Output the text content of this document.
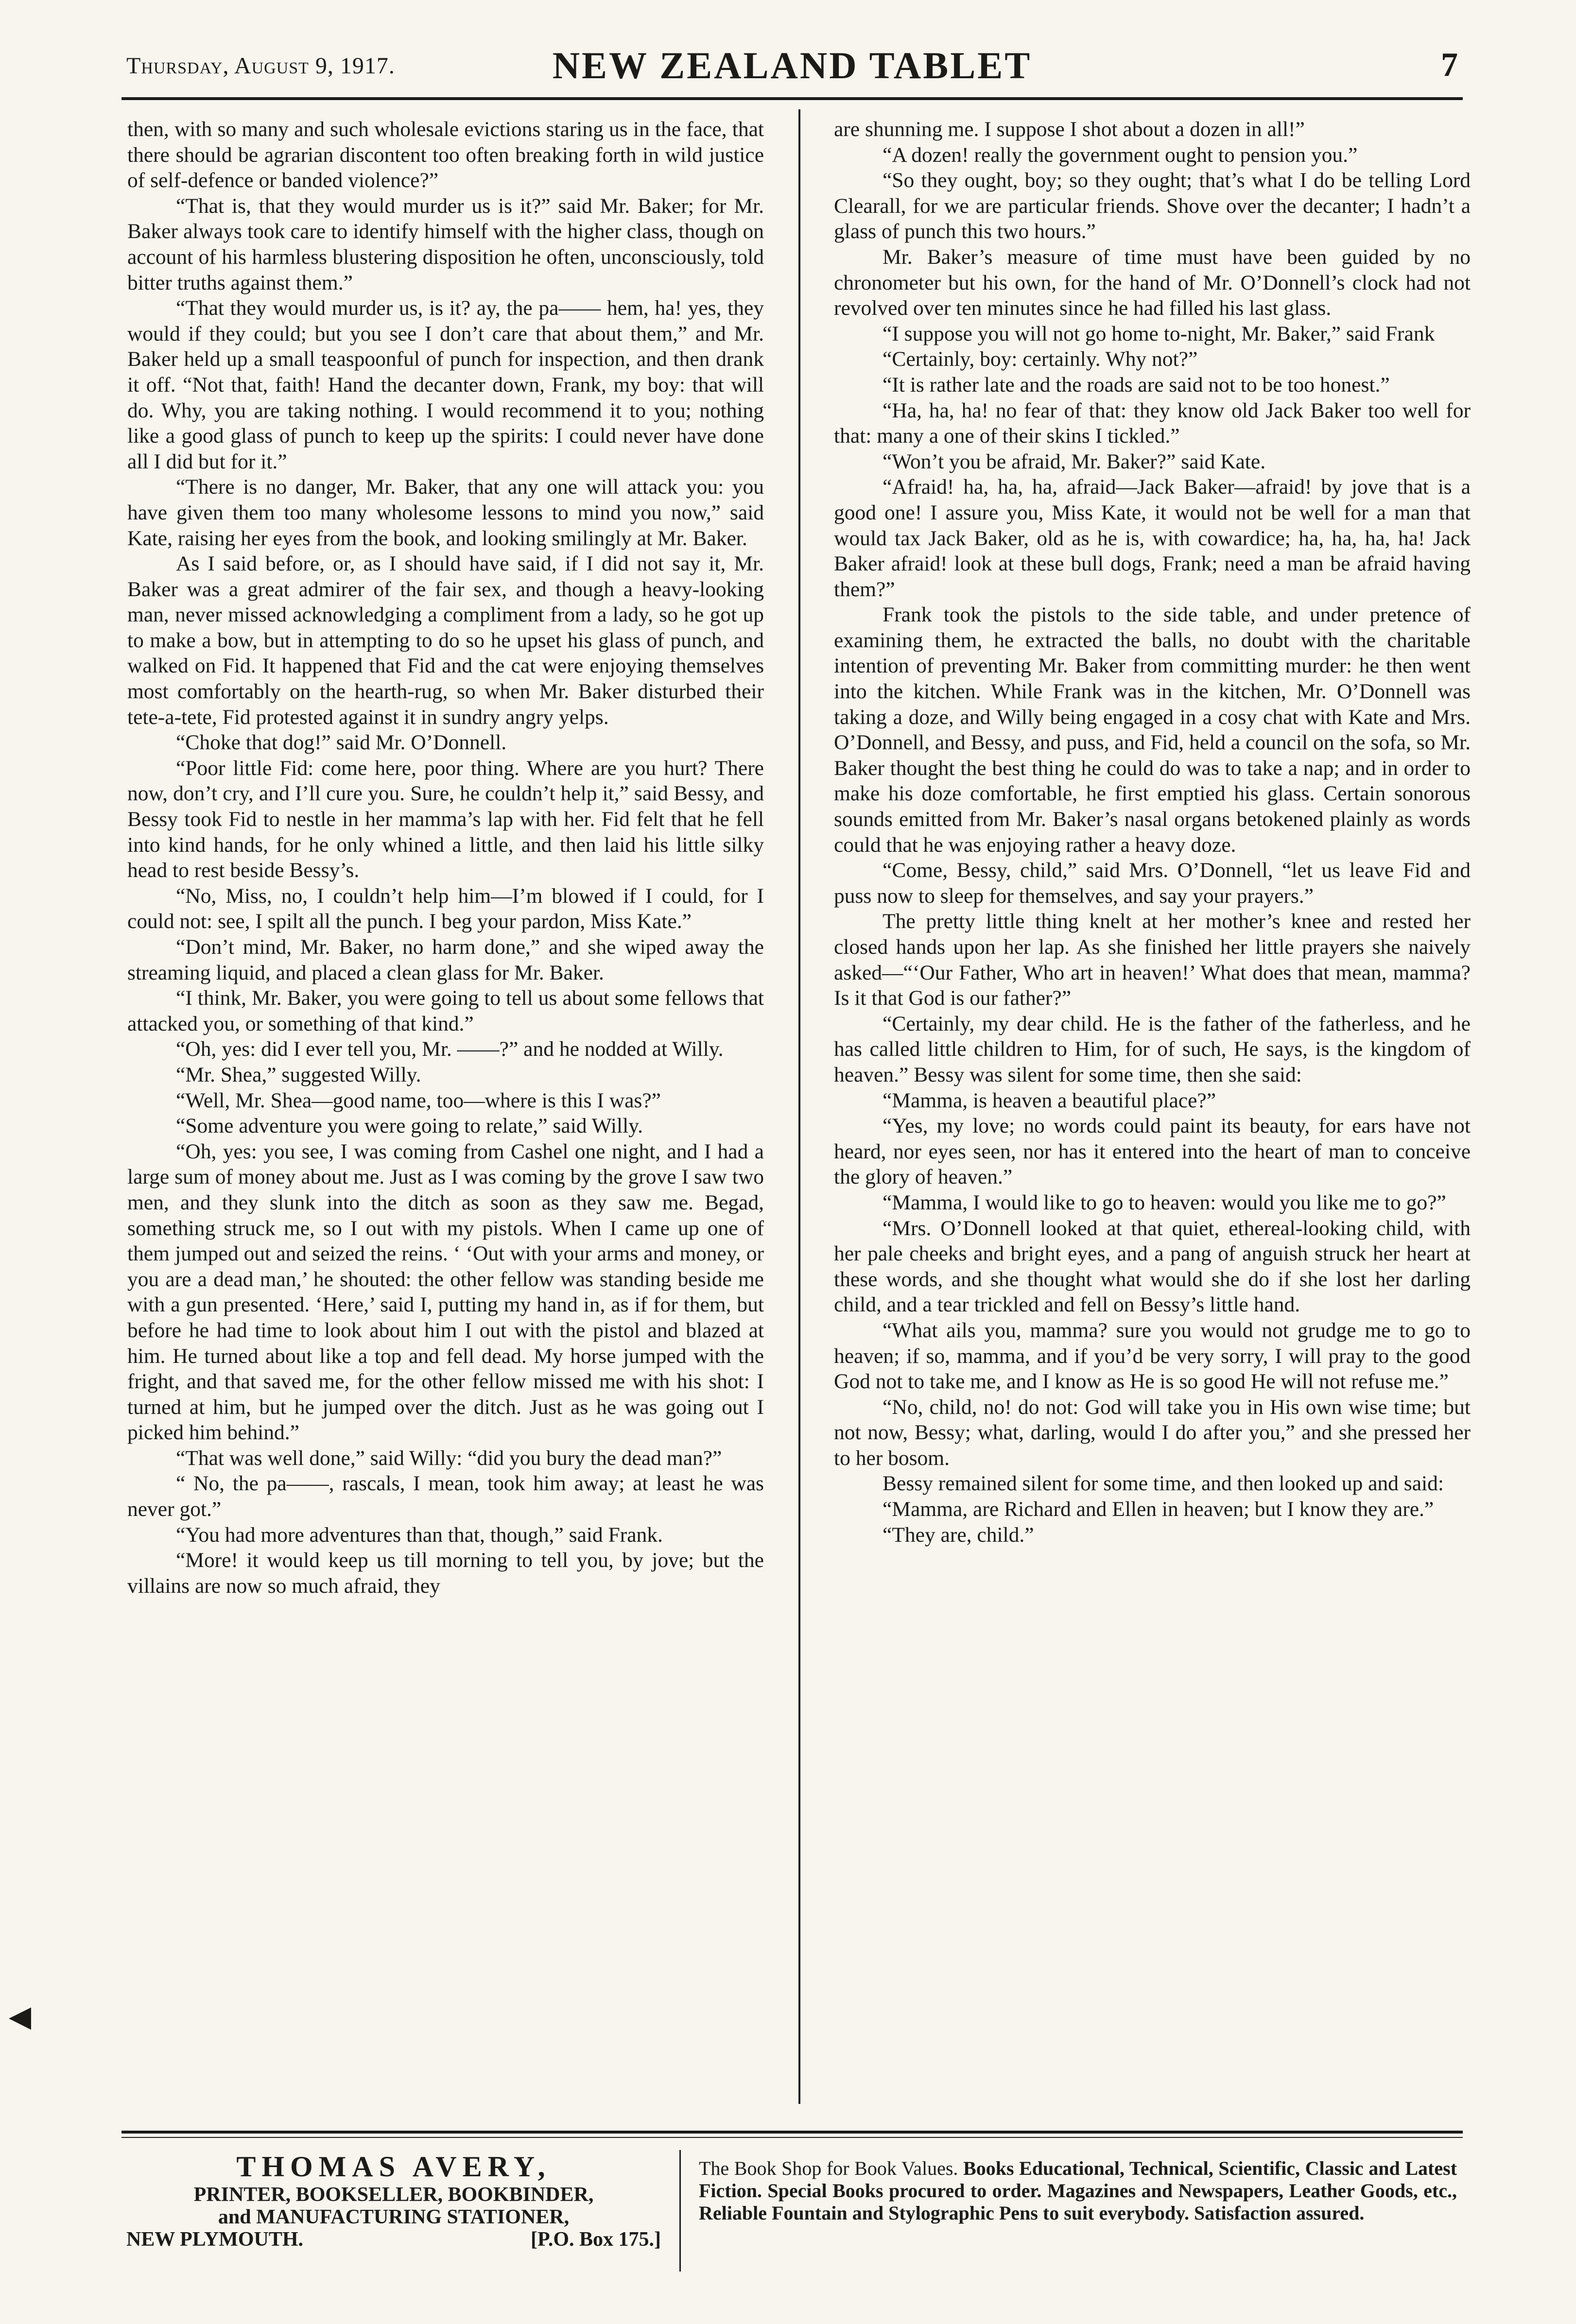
Thursday, August 9, 1917.	NEW ZEALAND TABLET	7

then, with so many and such wholesale evictions staring us in the face, that there should be agrarian discontent too often breaking forth in wild justice of self-defence or banded violence?”

“That is, that they would murder us is it?” said Mr. Baker; for Mr. Baker always took care to identify himself with the higher class, though on account of his harmless blustering disposition he often, unconsciously, told bitter truths against them.”

“That they would murder us, is it? ay, the pa—— hem, ha! yes, they would if they could; but you see I don’t care that about them,” and Mr. Baker held up a small teaspoonful of punch for inspection, and then drank it off. “Not that, faith! Hand the decanter down, Frank, my boy: that will do. Why, you are taking nothing. I would recommend it to you; nothing like a good glass of punch to keep up the spirits: I could never have done all I did but for it.”

“There is no danger, Mr. Baker, that any one will attack you: you have given them too many wholesome lessons to mind you now,” said Kate, raising her eyes from the book, and looking smilingly at Mr. Baker.

As I said before, or, as I should have said, if I did not say it, Mr. Baker was a great admirer of the fair sex, and though a heavy-looking man, never missed acknowledging a compliment from a lady, so he got up to make a bow, but in attempting to do so he upset his glass of punch, and walked on Fid. It happened that Fid and the cat were enjoying themselves most comfortably on the hearth-rug, so when Mr. Baker disturbed their tete-a-tete, Fid protested against it in sundry angry yelps.

“Choke that dog!” said Mr. O’Donnell.

“Poor little Fid: come here, poor thing. Where are you hurt? There now, don’t cry, and I’ll cure you. Sure, he couldn’t help it,” said Bessy, and Bessy took Fid to nestle in her mamma’s lap with her. Fid felt that he fell into kind hands, for he only whined a little, and then laid his little silky head to rest beside Bessy’s.

“No, Miss, no, I couldn’t help him—I’m blowed if I could, for I could not: see, I spilt all the punch. I beg your pardon, Miss Kate.”

“Don’t mind, Mr. Baker, no harm done,” and she wiped away the streaming liquid, and placed a clean glass for Mr. Baker.

“I think, Mr. Baker, you were going to tell us about some fellows that attacked you, or something of that kind.”

“Oh, yes: did I ever tell you, Mr. ——?” and he nodded at Willy.

“Mr. Shea,” suggested Willy.

“Well, Mr. Shea—good name, too—where is this I was?”

“Some adventure you were going to relate,” said Willy.

“Oh, yes: you see, I was coming from Cashel one night, and I had a large sum of money about me. Just as I was coming by the grove I saw two men, and they slunk into the ditch as soon as they saw me. Begad, something struck me, so I out with my pistols. When I came up one of them jumped out and seized the reins. ‘ ‘Out with your arms and money, or you are a dead man,’ he shouted: the other fellow was standing beside me with a gun presented. ‘Here,’ said I, putting my hand in, as if for them, but before he had time to look about him I out with the pistol and blazed at him. He turned about like a top and fell dead. My horse jumped with the fright, and that saved me, for the other fellow missed me with his shot: I turned at him, but he jumped over the ditch. Just as he was going out I picked him behind.”

“That was well done,” said Willy: “did you bury the dead man?”

“ No, the pa——, rascals, I mean, took him away; at least he was never got.”

“You had more adventures than that, though,” said Frank.

“More! it would keep us till morning to tell you, by jove; but the villains are now so much afraid, they

are shunning me. I suppose I shot about a dozen in all!”

“A dozen! really the government ought to pension you.”

“So they ought, boy; so they ought; that’s what I do be telling Lord Clearall, for we are particular friends. Shove over the decanter; I hadn’t a glass of punch this two hours.”

Mr. Baker’s measure of time must have been guided by no chronometer but his own, for the hand of Mr. O’Donnell’s clock had not revolved over ten minutes since he had filled his last glass.

“I suppose you will not go home to-night, Mr. Baker,” said Frank

“Certainly, boy: certainly. Why not?”

“It is rather late and the roads are said not to be too honest.”

“Ha, ha, ha! no fear of that: they know old Jack Baker too well for that: many a one of their skins I tickled.”

“Won’t you be afraid, Mr. Baker?” said Kate.

“Afraid! ha, ha, ha, afraid—Jack Baker—afraid! by jove that is a good one! I assure you, Miss Kate, it would not be well for a man that would tax Jack Baker, old as he is, with cowardice; ha, ha, ha, ha! Jack Baker afraid! look at these bull dogs, Frank; need a man be afraid having them?”

Frank took the pistols to the side table, and under pretence of examining them, he extracted the balls, no doubt with the charitable intention of preventing Mr. Baker from committing murder: he then went into the kitchen. While Frank was in the kitchen, Mr. O’Donnell was taking a doze, and Willy being engaged in a cosy chat with Kate and Mrs. O’Donnell, and Bessy, and puss, and Fid, held a council on the sofa, so Mr. Baker thought the best thing he could do was to take a nap; and in order to make his doze comfortable, he first emptied his glass. Certain sonorous sounds emitted from Mr. Baker’s nasal organs betokened plainly as words could that he was enjoying rather a heavy doze.

“Come, Bessy, child,” said Mrs. O’Donnell, “let us leave Fid and puss now to sleep for themselves, and say your prayers.”

The pretty little thing knelt at her mother’s knee and rested her closed hands upon her lap. As she finished her little prayers she naively asked—“‘Our Father, Who art in heaven!’ What does that mean, mamma? Is it that God is our father?”

“Certainly, my dear child. He is the father of the fatherless, and he has called little children to Him, for of such, He says, is the kingdom of heaven.” Bessy was silent for some time, then she said:

“Mamma, is heaven a beautiful place?”

“Yes, my love; no words could paint its beauty, for ears have not heard, nor eyes seen, nor has it entered into the heart of man to conceive the glory of heaven.”

“Mamma, I would like to go to heaven: would you like me to go?”

“Mrs. O’Donnell looked at that quiet, ethereal-looking child, with her pale cheeks and bright eyes, and a pang of anguish struck her heart at these words, and she thought what would she do if she lost her darling child, and a tear trickled and fell on Bessy’s little hand.

“What ails you, mamma? sure you would not grudge me to go to heaven; if so, mamma, and if you’d be very sorry, I will pray to the good God not to take me, and I know as He is so good He will not refuse me.”

“No, child, no! do not: God will take you in His own wise time; but not now, Bessy; what, darling, would I do after you,” and she pressed her to her bosom.

Bessy remained silent for some time, and then looked up and said:

“Mamma, are Richard and Ellen in heaven; but I know they are.”

“They are, child.”

◀
THOMAS AVERY,
PRINTER, BOOKSELLER, BOOKBINDER,
and MANUFACTURING STATIONER,
NEW PLYMOUTH.	[P.O. Box 175.]
The Book Shop for Book Values. Books Educational, Technical, Scientific, Classic and Latest Fiction. Special Books procured to order. Magazines and Newspapers, Leather Goods, etc., Reliable Fountain and Stylographic Pens to suit everybody. Satisfaction assured.
